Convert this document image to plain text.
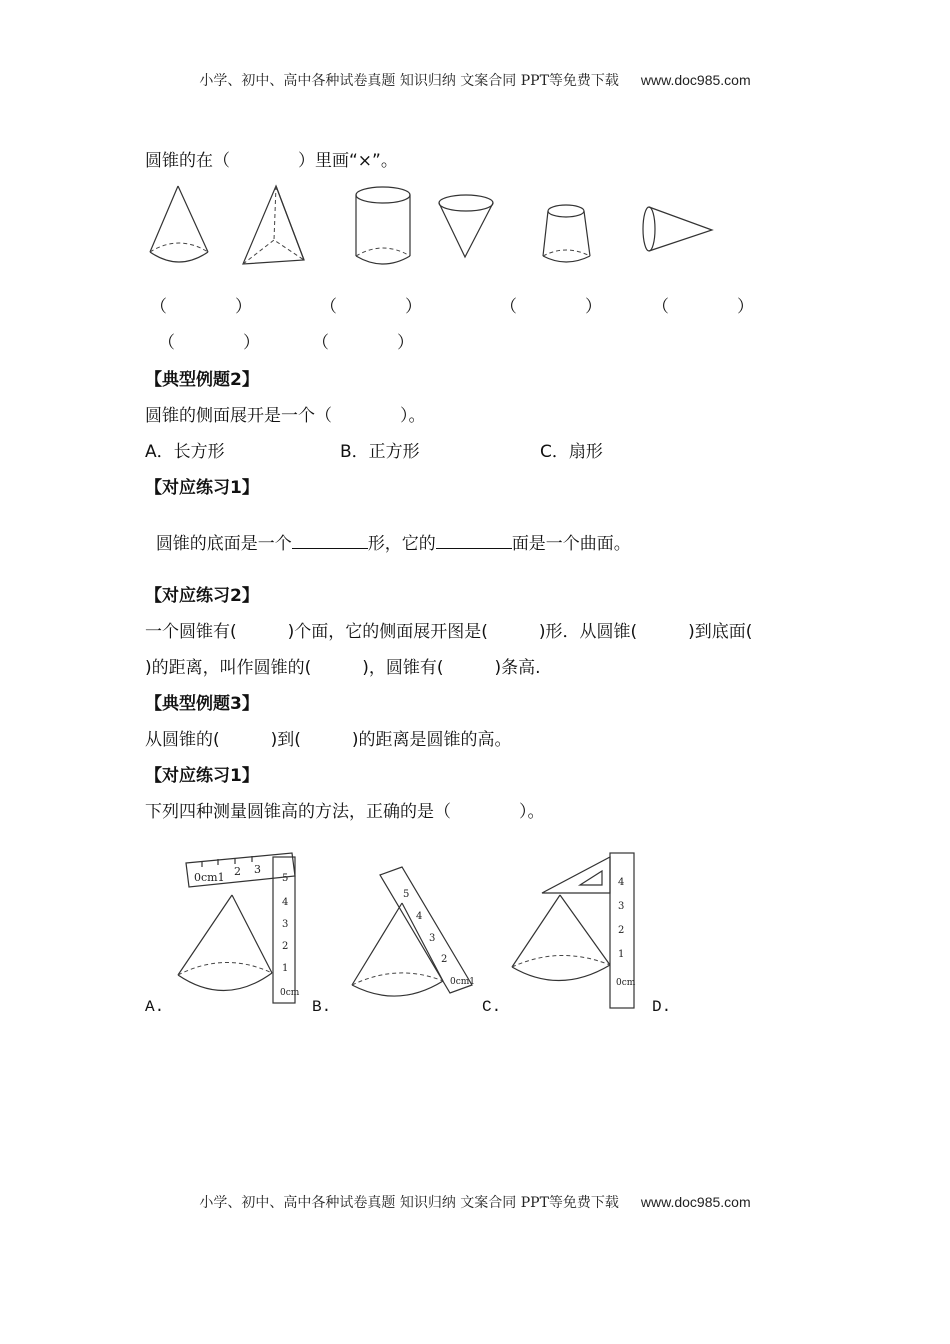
小学、初中、高中各种试卷真题 知识归纳 文案合同 PPT等免费下载 www.doc985.com
圆锥的在（　　　　）里画“×”。
（　　　　）	（　　　　）	（　　　　）	（　　　　）
（　　　　）	（　　　　）
【典型例题2】
圆锥的侧面展开是一个（　　　　）。
A．长方形	B．正方形	C．扇形
【对应练习1】

圆锥的底面是一个	形，它的	面是一个曲面。

【对应练习2】
一个圆锥有(　　　)个面，它的侧面展开图是(　　　)形．从圆锥(　　　)到底面(
)的距离，叫作圆锥的(　　　)，圆锥有(　　　)条高.
【典型例题3】
从圆锥的(　　　)到(　　　)的距离是圆锥的高。
【对应练习1】
下列四种测量圆锥高的方法，正确的是（　　　　）。
0cm1 2 3
5
4
3
2
1
0cm
5
4
3
2
0cm1
4
3
2
1
0cm
A.	B.	C.	D.
小学、初中、高中各种试卷真题 知识归纳 文案合同 PPT等免费下载 www.doc985.com
